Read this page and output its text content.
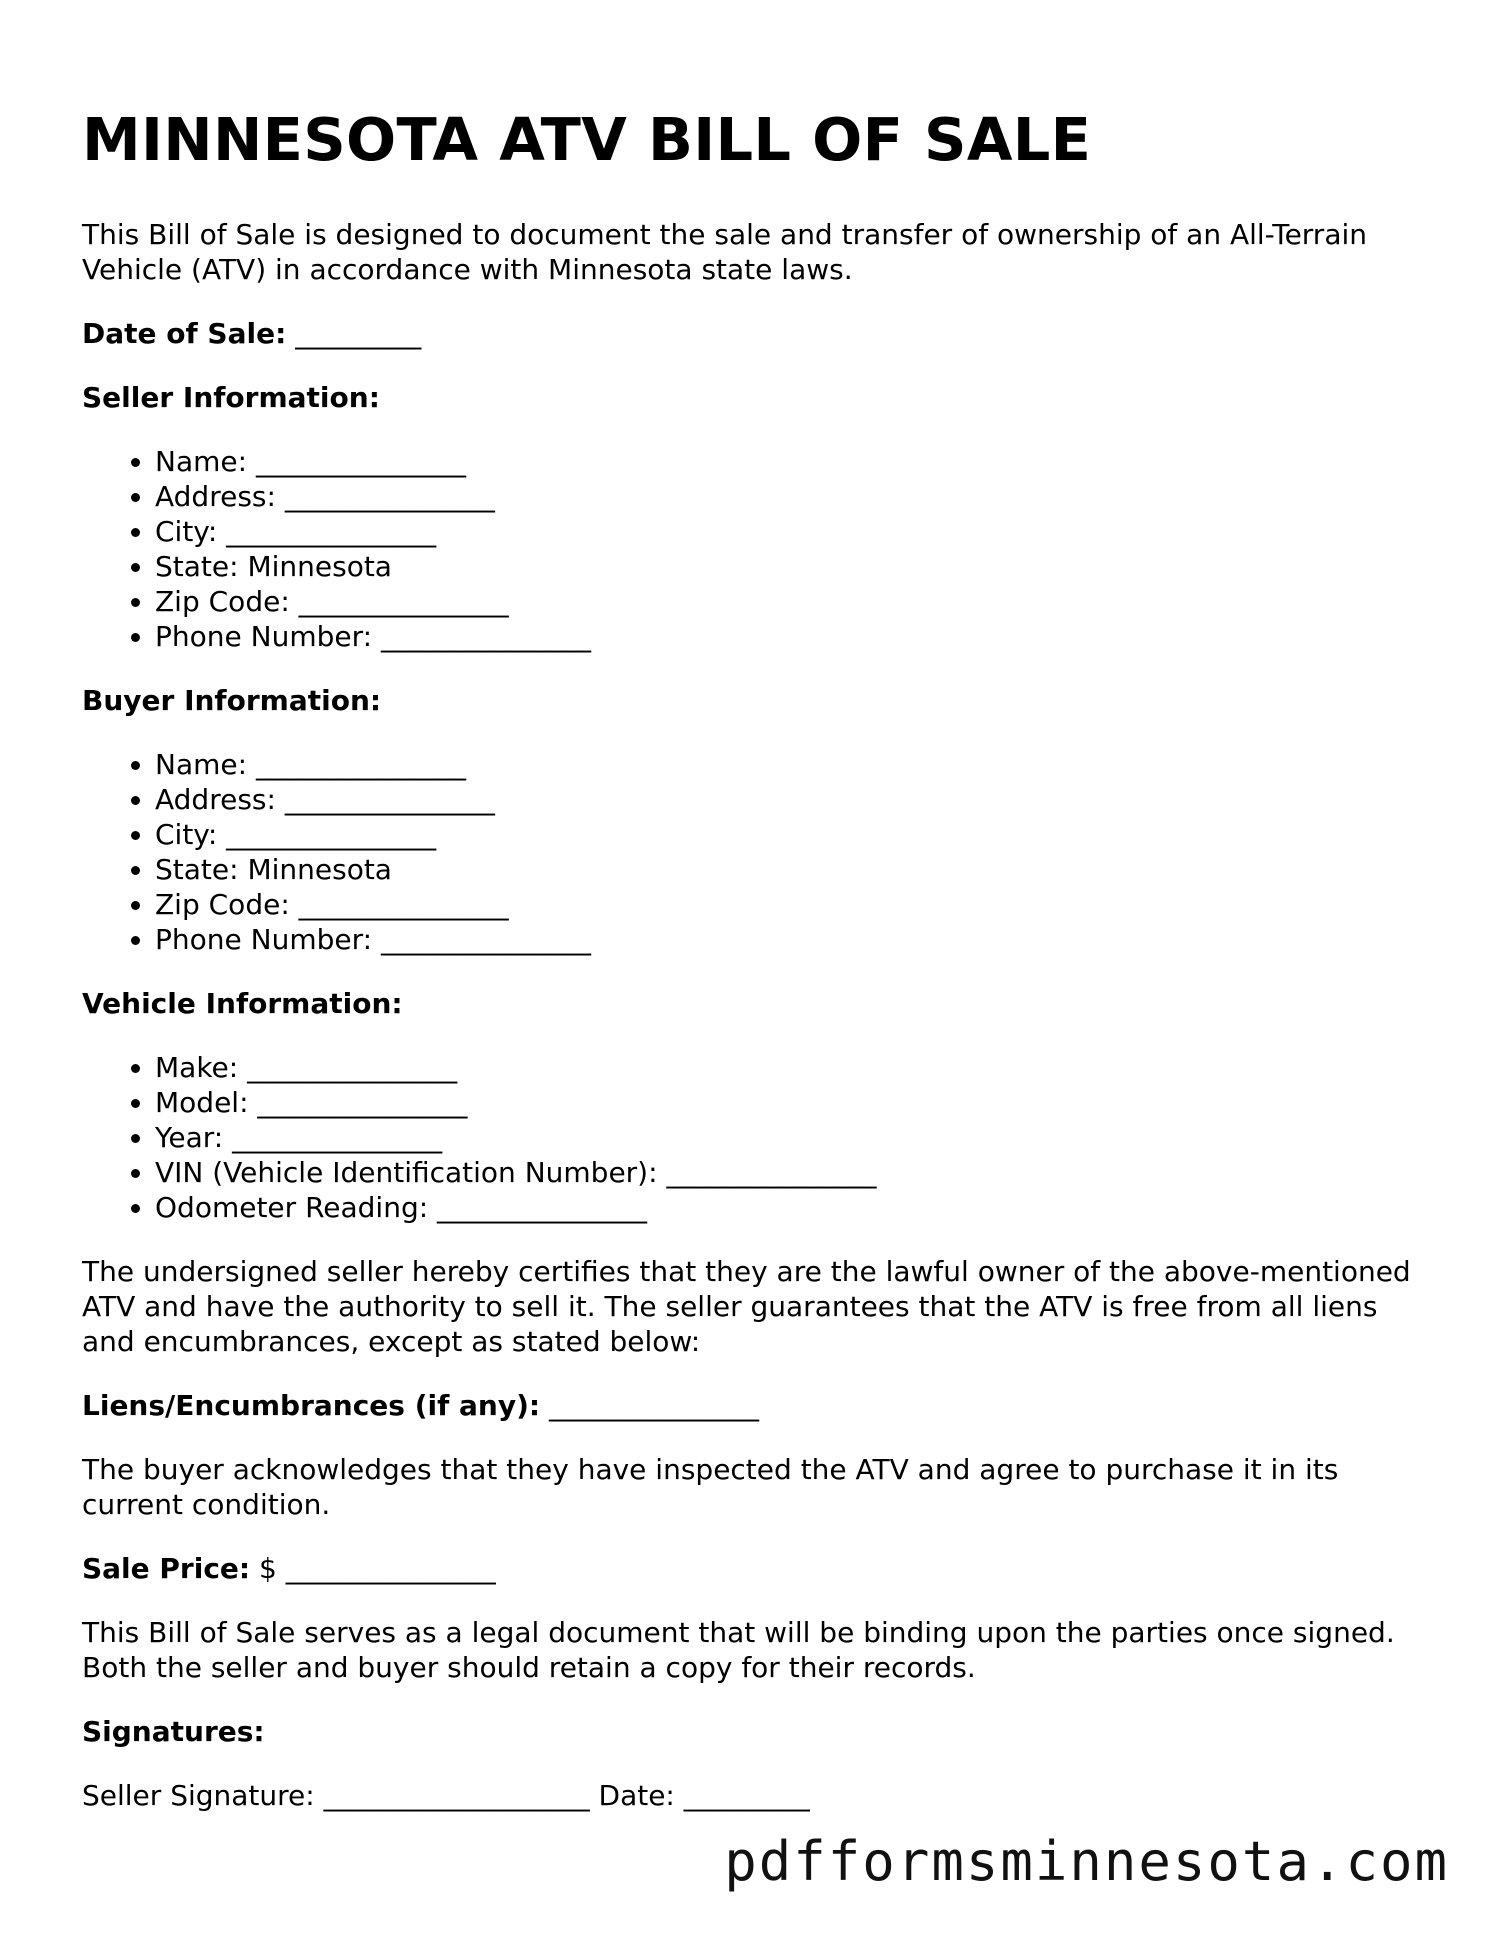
MINNESOTA ATV BILL OF SALE

This Bill of Sale is designed to document the sale and transfer of ownership of an All-Terrain Vehicle (ATV) in accordance with Minnesota state laws.

Date of Sale: _________
Seller Information:
• Name: _______________
• Address: _______________
• City: _______________
• State: Minnesota
• Zip Code: _______________
• Phone Number: _______________
Buyer Information:
• Name: _______________
• Address: _______________
• City: _______________
• State: Minnesota
• Zip Code: _______________
• Phone Number: _______________
Vehicle Information:
• Make: _______________
• Model: _______________
• Year: _______________
• VIN (Vehicle Identification Number): _______________
• Odometer Reading: _______________

The undersigned seller hereby certifies that they are the lawful owner of the above-mentioned ATV and have the authority to sell it. The seller guarantees that the ATV is free from all liens and encumbrances, except as stated below:

Liens/Encumbrances (if any): _______________

The buyer acknowledges that they have inspected the ATV and agree to purchase it in its current condition.

Sale Price: $ _______________

This Bill of Sale serves as a legal document that will be binding upon the parties once signed. Both the seller and buyer should retain a copy for their records.

Signatures:
Seller Signature: ___________________ Date: _________
pdfformsminnesota.com
